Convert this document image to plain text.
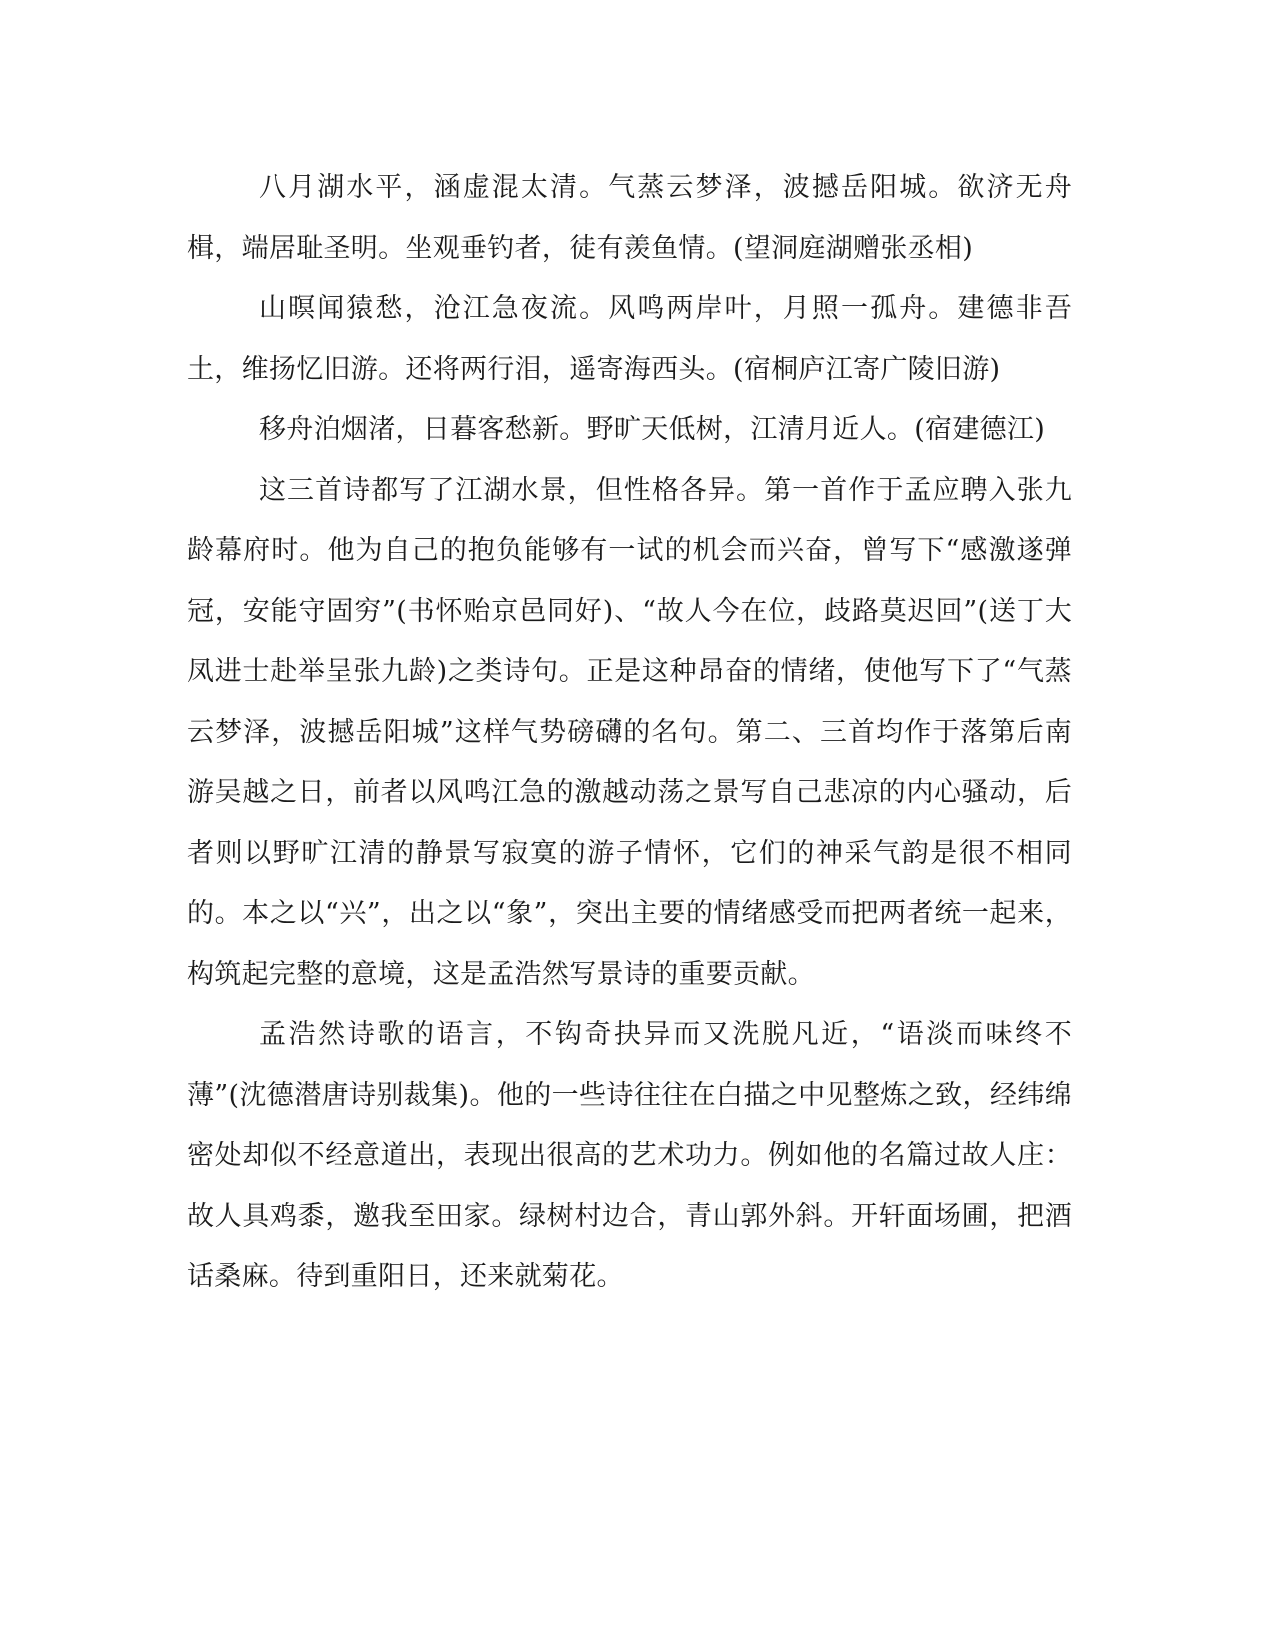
八月湖水平，涵虚混太清。气蒸云梦泽，波撼岳阳城。欲济无舟楫，端居耻圣明。坐观垂钓者，徒有羡鱼情。(望洞庭湖赠张丞相)

山暝闻猿愁，沧江急夜流。风鸣两岸叶，月照一孤舟。建德非吾土，维扬忆旧游。还将两行泪，遥寄海西头。(宿桐庐江寄广陵旧游)

移舟泊烟渚，日暮客愁新。野旷天低树，江清月近人。(宿建德江)

这三首诗都写了江湖水景，但性格各异。第一首作于孟应聘入张九龄幕府时。他为自己的抱负能够有一试的机会而兴奋，曾写下“感激遂弹冠，安能守固穷”(书怀贻京邑同好)、“故人今在位，歧路莫迟回”(送丁大凤进士赴举呈张九龄)之类诗句。正是这种昂奋的情绪，使他写下了“气蒸云梦泽，波撼岳阳城”这样气势磅礴的名句。第二、三首均作于落第后南游吴越之日，前者以风鸣江急的激越动荡之景写自己悲凉的内心骚动，后者则以野旷江清的静景写寂寞的游子情怀，它们的神采气韵是很不相同的。本之以“兴”，出之以“象”，突出主要的情绪感受而把两者统一起来，构筑起完整的意境，这是孟浩然写景诗的重要贡献。

孟浩然诗歌的语言，不钩奇抉异而又洗脱凡近，“语淡而味终不薄”(沈德潜唐诗别裁集)。他的一些诗往往在白描之中见整炼之致，经纬绵密处却似不经意道出，表现出很高的艺术功力。例如他的名篇过故人庄：故人具鸡黍，邀我至田家。绿树村边合，青山郭外斜。开轩面场圃，把酒话桑麻。待到重阳日，还来就菊花。
